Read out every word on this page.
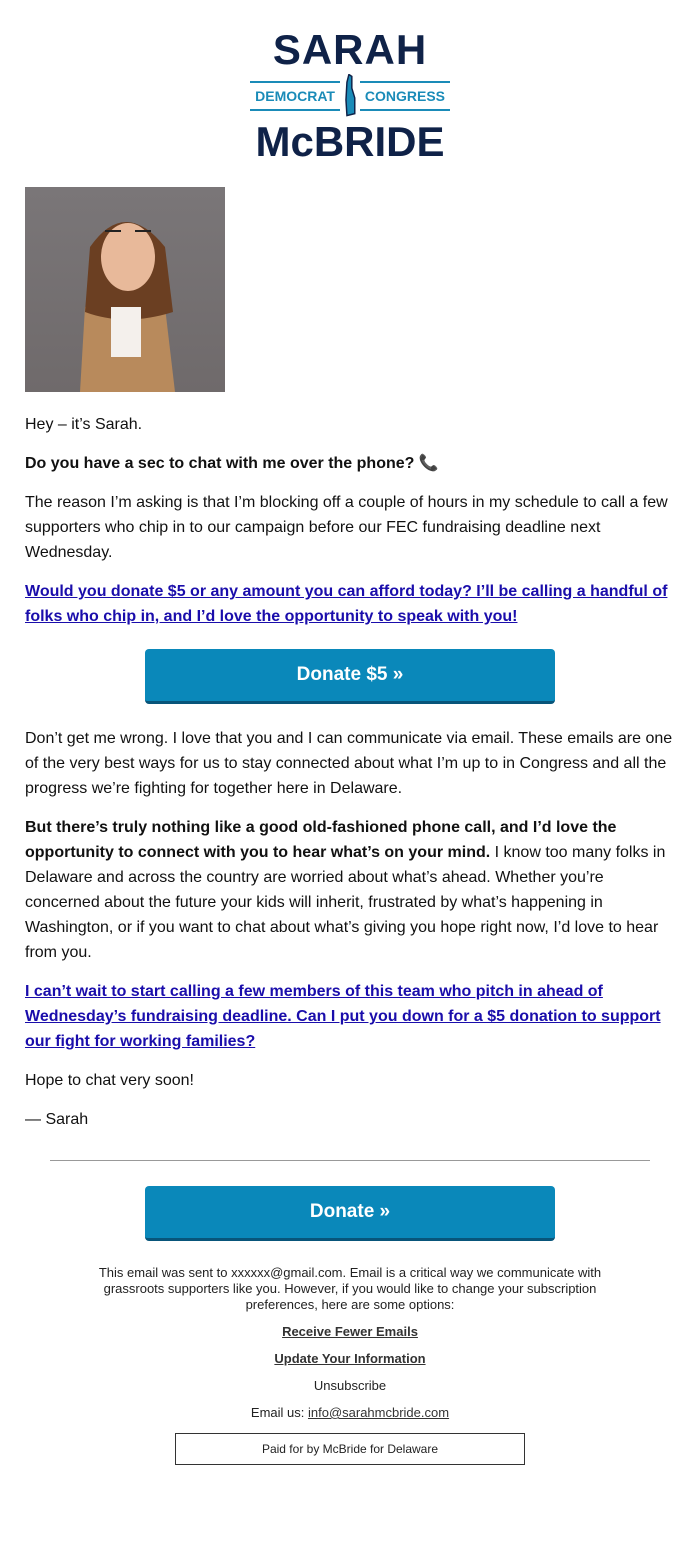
SARAH
DEMOCRAT	CONGRESS
McBRIDE

Hey – it’s Sarah.

Do you have a sec to chat with me over the phone? 📞

The reason I’m asking is that I’m blocking off a couple of hours in my schedule to call a few supporters who chip in to our campaign before our FEC fundraising deadline next Wednesday.

Would you donate $5 or any amount you can afford today? I’ll be calling a handful of folks who chip in, and I’d love the opportunity to speak with you!

Donate $5 »

Don’t get me wrong. I love that you and I can communicate via email. These emails are one of the very best ways for us to stay connected about what I’m up to in Congress and all the progress we’re fighting for together here in Delaware.

But there’s truly nothing like a good old-fashioned phone call, and I’d love the opportunity to connect with you to hear what’s on your mind. I know too many folks in Delaware and across the country are worried about what’s ahead. Whether you’re concerned about the future your kids will inherit, frustrated by what’s happening in Washington, or if you want to chat about what’s giving you hope right now, I’d love to hear from you.

I can’t wait to start calling a few members of this team who pitch in ahead of Wednesday’s fundraising deadline. Can I put you down for a $5 donation to support our fight for working families?

Hope to chat very soon!

— Sarah

Donate »
This email was sent to xxxxxx@gmail.com. Email is a critical way we communicate with grassroots supporters like you. However, if you would like to change your subscription preferences, here are some options:
Receive Fewer Emails
Update Your Information
Unsubscribe
Email us: info@sarahmcbride.com
Paid for by McBride for Delaware
